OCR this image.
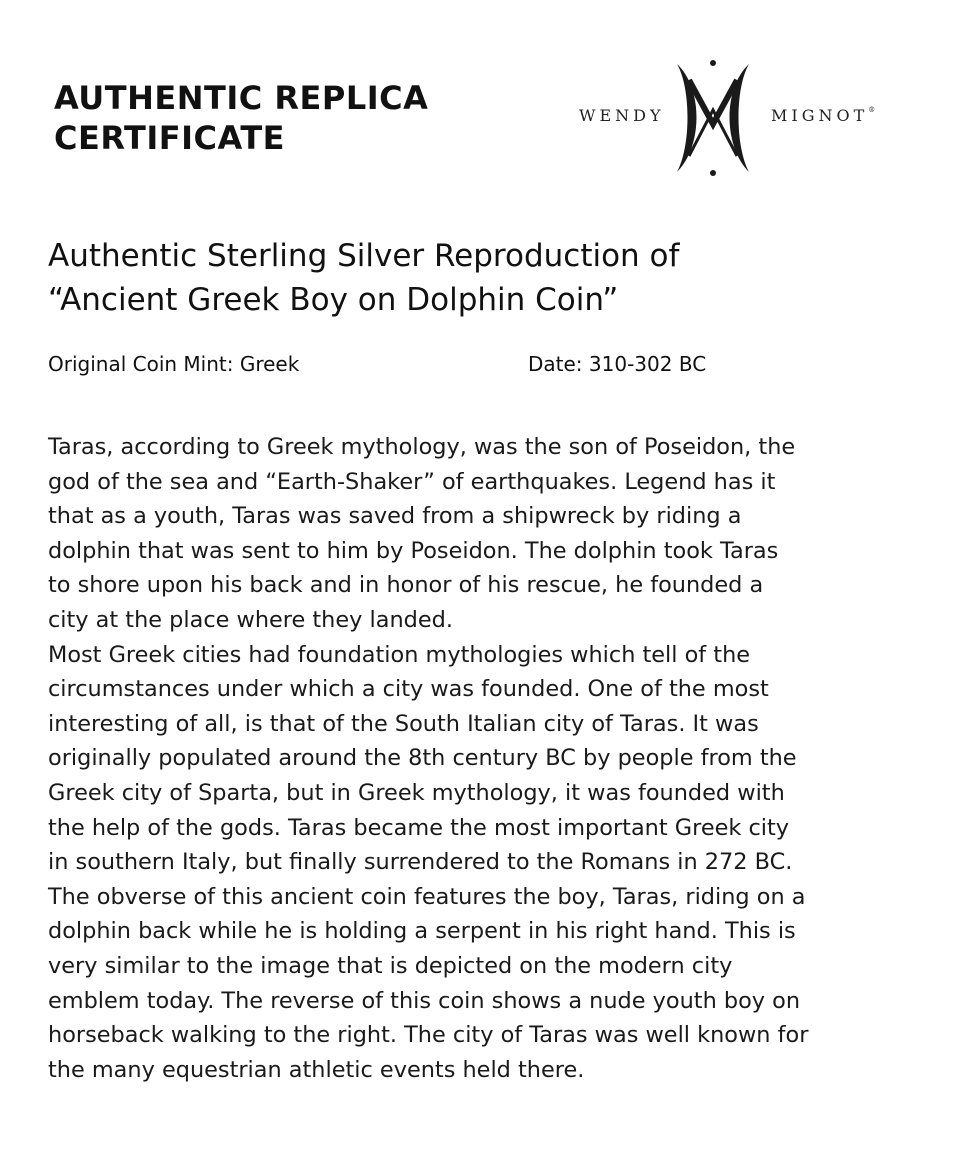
AUTHENTIC REPLICA
CERTIFICATE
WENDY	MIGNOT®
Authentic Sterling Silver Reproduction of
“Ancient Greek Boy on Dolphin Coin”
Original Coin Mint: Greek	Date: 310-302 BC

Taras, according to Greek mythology, was the son of Poseidon, the
god of the sea and “Earth-Shaker” of earthquakes. Legend has it
that as a youth, Taras was saved from a shipwreck by riding a
dolphin that was sent to him by Poseidon. The dolphin took Taras
to shore upon his back and in honor of his rescue, he founded a
city at the place where they landed.

Most Greek cities had foundation mythologies which tell of the
circumstances under which a city was founded. One of the most
interesting of all, is that of the South Italian city of Taras. It was
originally populated around the 8th century BC by people from the
Greek city of Sparta, but in Greek mythology, it was founded with
the help of the gods. Taras became the most important Greek city
in southern Italy, but finally surrendered to the Romans in 272 BC.
The obverse of this ancient coin features the boy, Taras, riding on a
dolphin back while he is holding a serpent in his right hand. This is
very similar to the image that is depicted on the modern city
emblem today. The reverse of this coin shows a nude youth boy on
horseback walking to the right. The city of Taras was well known for
the many equestrian athletic events held there.
